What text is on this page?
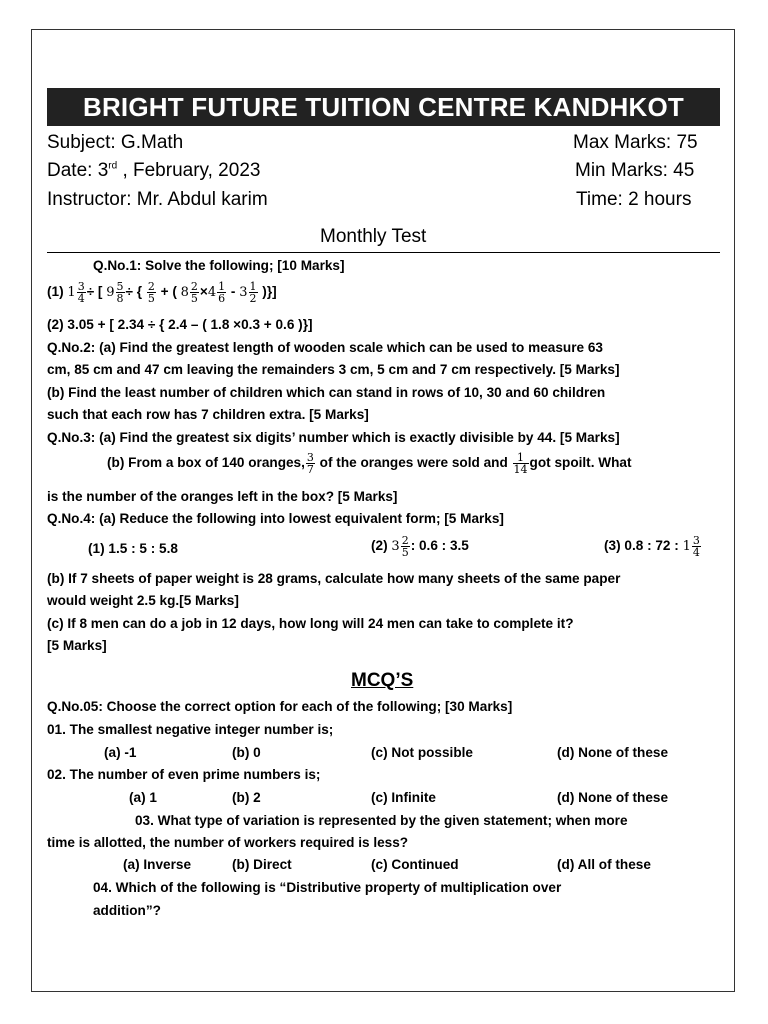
BRIGHT FUTURE TUITION CENTRE KANDHKOT
Subject: G.Math	Max Marks: 75
Date: 3rd , February, 2023	Min Marks: 45
Instructor: Mr. Abdul karim	Time: 2 hours
Monthly Test
Q.No.1: Solve the following; [10 Marks]
(1) $1 \frac{3}{4}$ ÷ [ $9 \frac{5}{8}$ ÷ { $\frac{2}{5}$ + ( $8 \frac{2}{5} \times 4 \frac{1}{6} - 3 \frac{1}{2}$ )}]
(2) 3.05 + [ 2.34 ÷ { 2.4 – ( 1.8 ×0.3 + 0.6 )}]
Q.No.2: (a) Find the greatest length of wooden scale which can be used to measure 63
cm, 85 cm and 47 cm leaving the remainders 3 cm, 5 cm and 7 cm respectively. [5 Marks]
(b) Find the least number of children which can stand in rows of 10, 30 and 60 children
such that each row has 7 children extra. [5 Marks]
Q.No.3: (a) Find the greatest six digits’ number which is exactly divisible by 44. [5 Marks]
(b) From a box of 140 oranges, $\frac{3}{7}$ of the oranges were sold and $\frac{1}{14}$ got spoilt. What
is the number of the oranges left in the box? [5 Marks]
Q.No.4: (a) Reduce the following into lowest equivalent form; [5 Marks]
(1) 1.5 : 5 : 5.8	(2) $3 \frac{2}{5}$ : 0.6 : 3.5	(3) 0.8 : 72 : $1 \frac{3}{4}$
(b) If 7 sheets of paper weight is 28 grams, calculate how many sheets of the same paper
would weight 2.5 kg.[5 Marks]
(c) If 8 men can do a job in 12 days, how long will 24 men can take to complete it?
[5 Marks]
MCQ’S
Q.No.05: Choose the correct option for each of the following; [30 Marks]
01. The smallest negative integer number is;
(a) -1	(b) 0	(c) Not possible	(d) None of these
02. The number of even prime numbers is;
(a) 1	(b) 2	(c) Infinite	(d) None of these
03. What type of variation is represented by the given statement; when more
time is allotted, the number of workers required is less?
(a) Inverse	(b) Direct	(c) Continued	(d) All of these
04. Which of the following is “Distributive property of multiplication over
addition”?
